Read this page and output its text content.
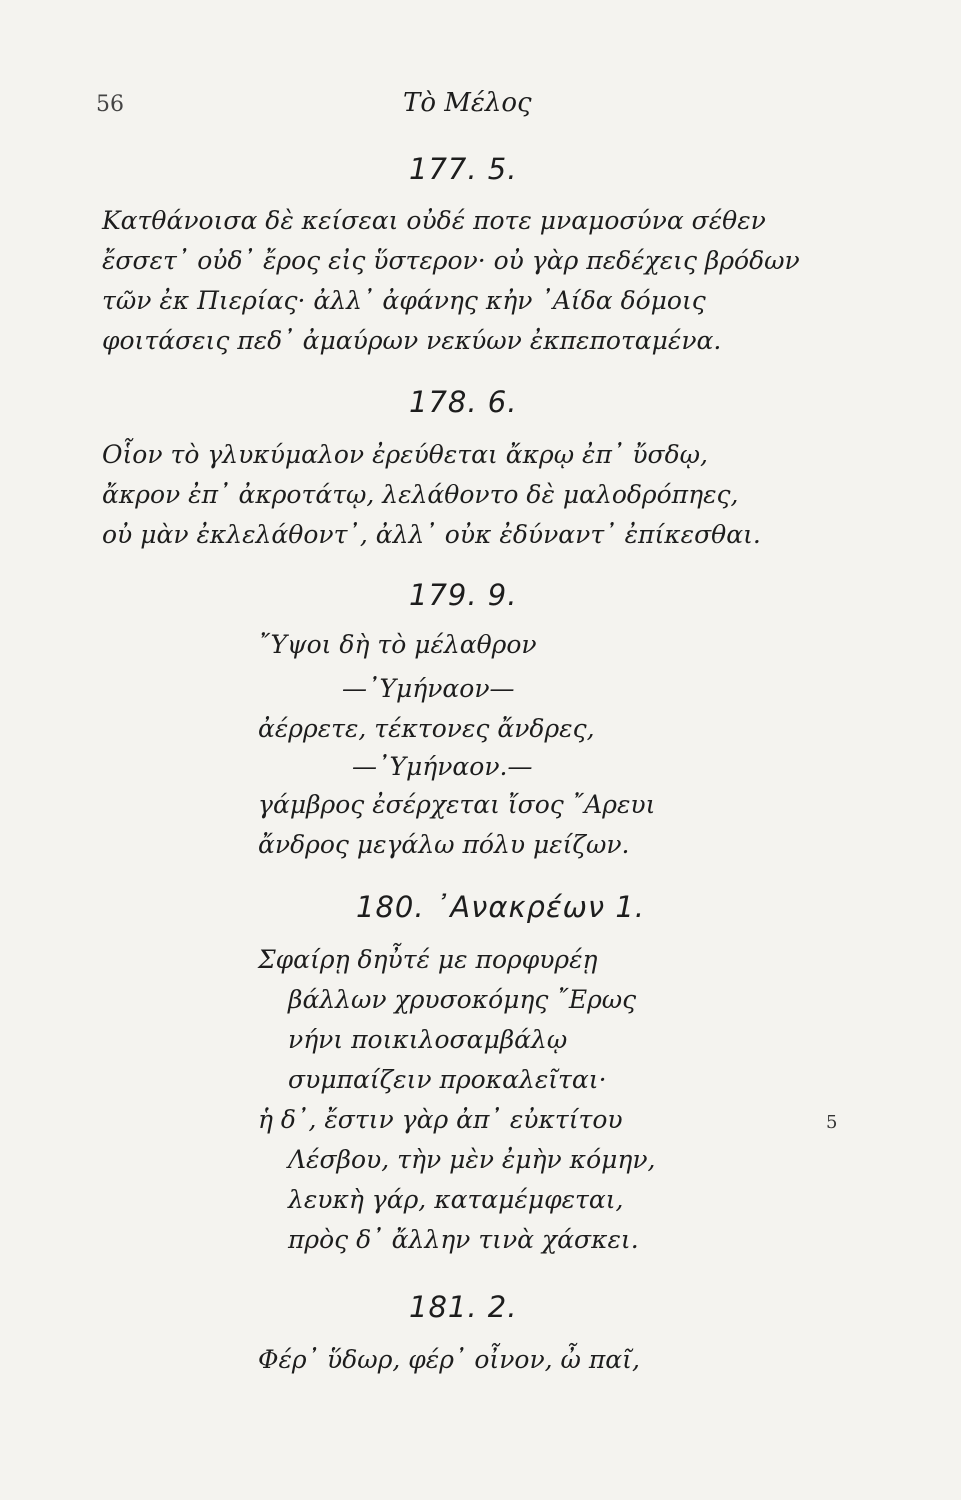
56	Τὸ Μέλος
177. 5.
Κατθάνοισα δὲ κείσεαι οὐδέ ποτε μναμοσύνα σέθεν
ἔσσετ᾽ οὐδ᾽ ἔρος εἰς ὕστερον· οὐ γὰρ πεδέχεις βρόδων
τῶν ἐκ Πιερίας· ἀλλ᾽ ἀφάνης κἠν ᾽Αίδα δόμοις
φοιτάσεις πεδ᾽ ἀμαύρων νεκύων ἐκπεποταμένα.
178. 6.
Οἷον τὸ γλυκύμαλον ἐρεύθεται ἄκρῳ ἐπ᾽ ὔσδῳ,
ἄκρον ἐπ᾽ ἀκροτάτῳ, λελάθοντο δὲ μαλοδρόπηες,
οὐ μὰν ἐκλελάθοντ᾽, ἀλλ᾽ οὐκ ἐδύναντ᾽ ἐπίκεσθαι.
179. 9.
῎Υψοι δὴ τὸ μέλαθρον
—᾽Υμήναον—
ἀέρρετε, τέκτονες ἄνδρες,
—᾽Υμήναον.—
γάμβρος ἐσέρχεται ἴσος ῎Αρευι
ἄνδρος μεγάλω πόλυ μείζων.
180. ᾽Ανακρέων 1.
Σφαίρῃ δηὖτέ με πορφυρέῃ
βάλλων χρυσοκόμης ῎Ερως
νήνι ποικιλοσαμβάλῳ
συμπαίζειν προκαλεῖται·
ἡ δ᾽, ἔστιν γὰρ ἀπ᾽ εὐκτίτου
Λέσβου, τὴν μὲν ἐμὴν κόμην,
λευκὴ γάρ, καταμέμφεται,
πρὸς δ᾽ ἄλλην τινὰ χάσκει.
5
181. 2.
Φέρ᾽ ὕδωρ, φέρ᾽ οἶνον, ὦ παῖ,
